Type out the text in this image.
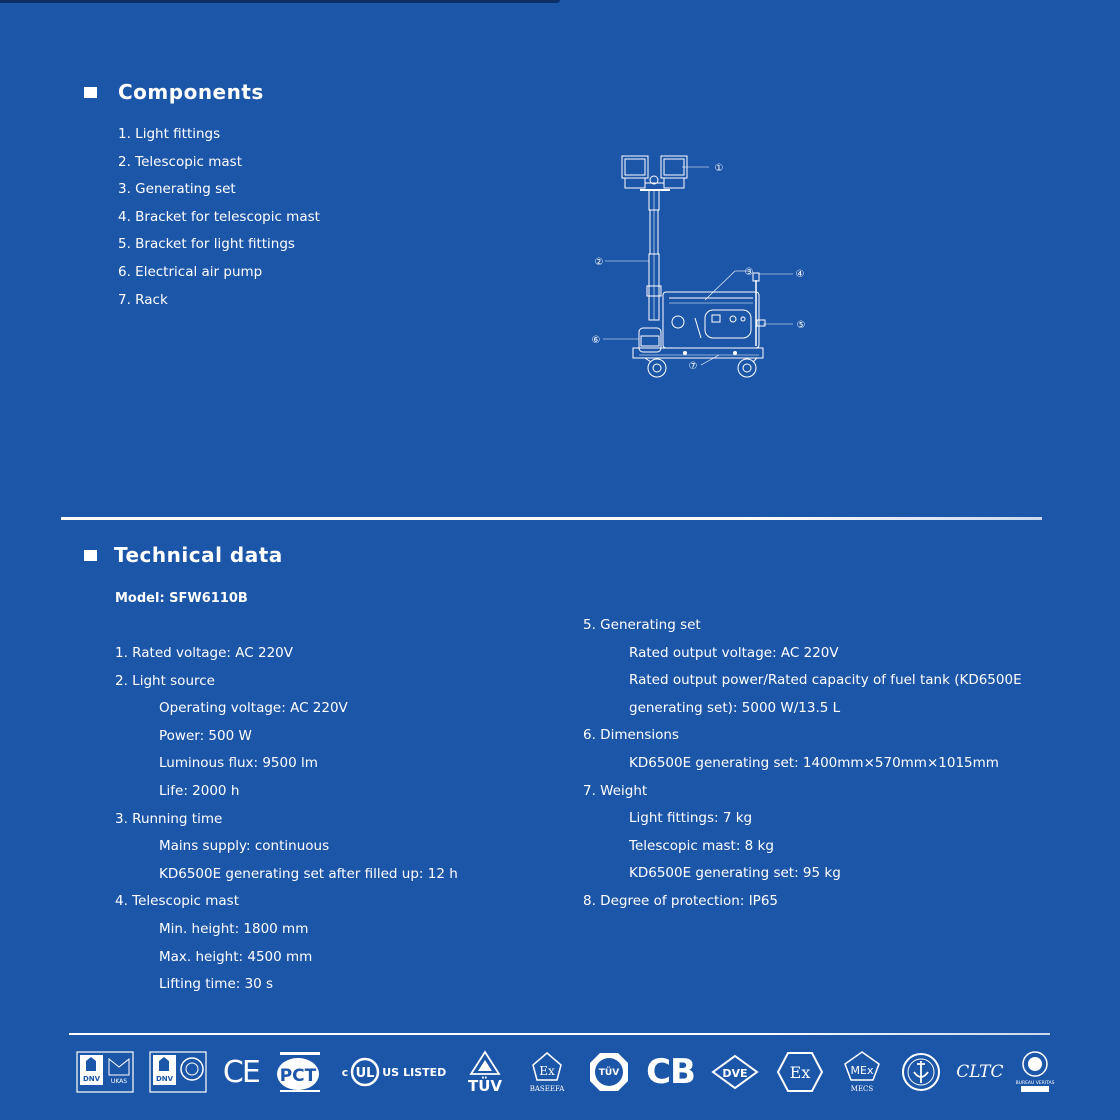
Components
1. Light fittings
2. Telescopic mast
3. Generating set
4. Bracket for telescopic mast
5. Bracket for light fittings
6. Electrical air pump
7. Rack
①
②
③	④
⑤
⑥
⑦
Technical data
Model: SFW6110B
1. Rated voltage: AC 220V
2. Light source
Operating voltage: AC 220V
Power: 500 W
Luminous flux: 9500 lm
Life: 2000 h
3. Running time
Mains supply: continuous
KD6500E generating set after filled up: 12 h
4. Telescopic mast
Min. height: 1800 mm
Max. height: 4500 mm
Lifting time: 30 s
5. Generating set
Rated output voltage: AC 220V
Rated output power/Rated capacity of fuel tank (KD6500E
generating set): 5000 W/13.5 L
6. Dimensions
KD6500E generating set: 1400mm×570mm×1015mm
7. Weight
Light fittings: 7 kg
Telescopic mast: 8 kg
KD6500E generating set: 95 kg
8. Degree of protection: IP65
DNV UKAS	DNV CE PCT c UL US LISTED
TÜV
Ex
BASEEFA
TÜV CB	DVE	Ex	MEx
MECS
CLTC
BUREAU VERITAS
